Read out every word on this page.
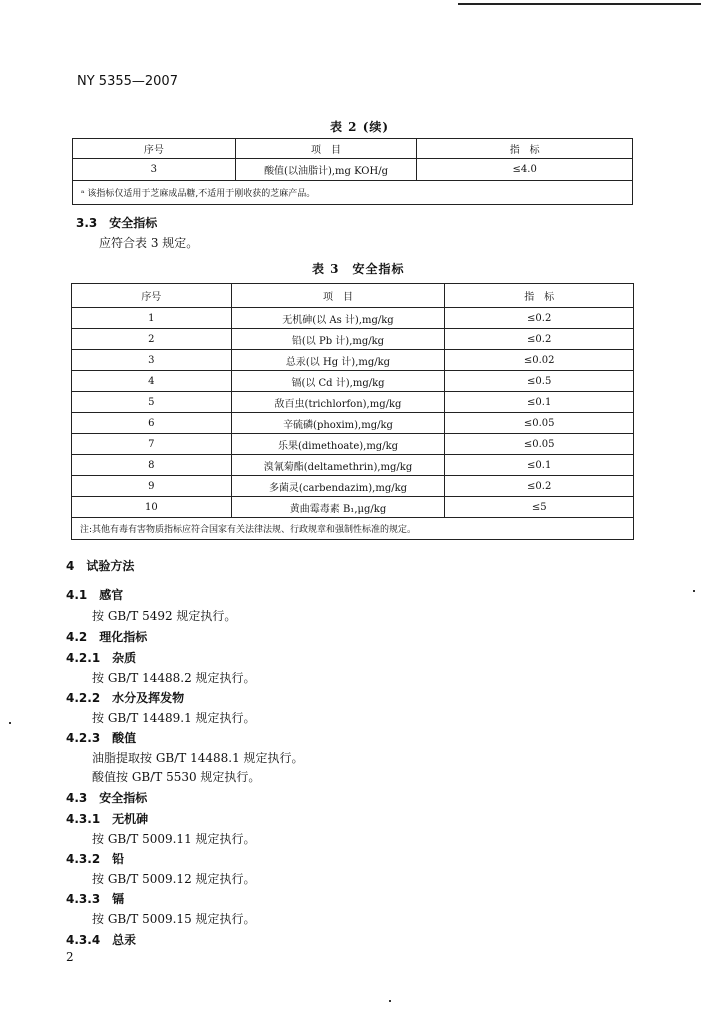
NY 5355—2007
表 2 (续)
序号	项　目	指　标
3	酸值(以油脂计),mg KOH/g	≤4.0
ᵃ 该指标仅适用于芝麻成品糖,不适用于刚收获的芝麻产品。		
3.3　安全指标
应符合表 3 规定。
表 3　安全指标
序号	项　目	指　标
1	无机砷(以 As 计),mg/kg	≤0.2
2	铅(以 Pb 计),mg/kg	≤0.2
3	总汞(以 Hg 计),mg/kg	≤0.02
4	镉(以 Cd 计),mg/kg	≤0.5
5	敌百虫(trichlorfon),mg/kg	≤0.1
6	辛硫磷(phoxim),mg/kg	≤0.05
7	乐果(dimethoate),mg/kg	≤0.05
8	溴氰菊酯(deltamethrin),mg/kg	≤0.1
9	多菌灵(carbendazim),mg/kg	≤0.2
10	黄曲霉毒素 B₁,μg/kg	≤5
注:其他有毒有害物质指标应符合国家有关法律法规、行政规章和强制性标准的规定。		
4　试验方法
4.1　感官
按 GB/T 5492 规定执行。
4.2　理化指标
4.2.1　杂质
按 GB/T 14488.2 规定执行。
4.2.2　水分及挥发物
按 GB/T 14489.1 规定执行。
4.2.3　酸值
油脂提取按 GB/T 14488.1 规定执行。
酸值按 GB/T 5530 规定执行。
4.3　安全指标
4.3.1　无机砷
按 GB/T 5009.11 规定执行。
4.3.2　铅
按 GB/T 5009.12 规定执行。
4.3.3　镉
按 GB/T 5009.15 规定执行。
4.3.4　总汞
2
